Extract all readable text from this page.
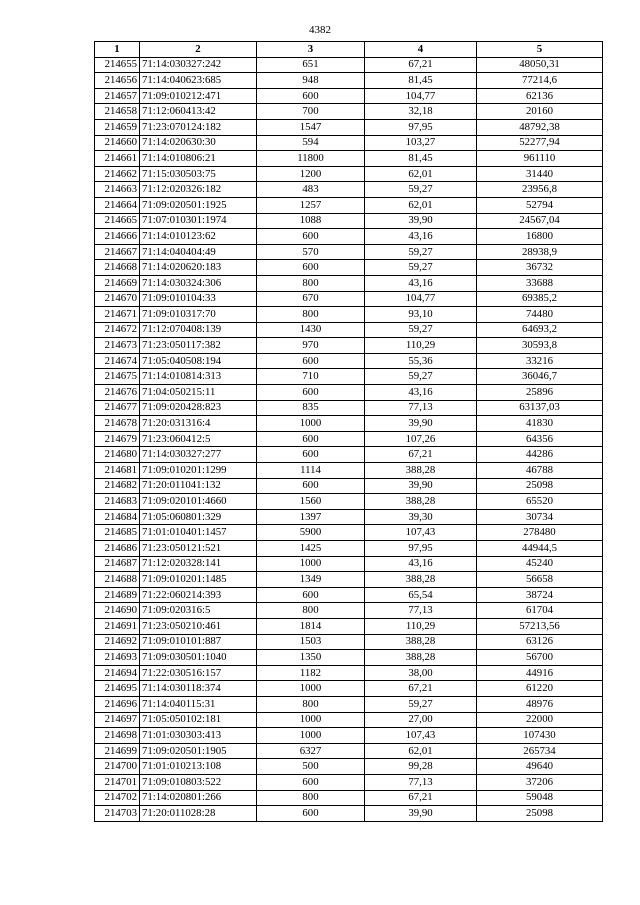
4382
1	2	3	4	5
214655	71:14:030327:242	651	67,21	48050,31
214656	71:14:040623:685	948	81,45	77214,6
214657	71:09:010212:471	600	104,77	62136
214658	71:12:060413:42	700	32,18	20160
214659	71:23:070124:182	1547	97,95	48792,38
214660	71:14:020630:30	594	103,27	52277,94
214661	71:14:010806:21	11800	81,45	961110
214662	71:15:030503:75	1200	62,01	31440
214663	71:12:020326:182	483	59,27	23956,8
214664	71:09:020501:1925	1257	62,01	52794
214665	71:07:010301:1974	1088	39,90	24567,04
214666	71:14:010123:62	600	43,16	16800
214667	71:14:040404:49	570	59,27	28938,9
214668	71:14:020620:183	600	59,27	36732
214669	71:14:030324:306	800	43,16	33688
214670	71:09:010104:33	670	104,77	69385,2
214671	71:09:010317:70	800	93,10	74480
214672	71:12:070408:139	1430	59,27	64693,2
214673	71:23:050117:382	970	110,29	30593,8
214674	71:05:040508:194	600	55,36	33216
214675	71:14:010814:313	710	59,27	36046,7
214676	71:04:050215:11	600	43,16	25896
214677	71:09:020428:823	835	77,13	63137,03
214678	71:20:031316:4	1000	39,90	41830
214679	71:23:060412:5	600	107,26	64356
214680	71:14:030327:277	600	67,21	44286
214681	71:09:010201:1299	1114	388,28	46788
214682	71:20:011041:132	600	39,90	25098
214683	71:09:020101:4660	1560	388,28	65520
214684	71:05:060801:329	1397	39,30	30734
214685	71:01:010401:1457	5900	107,43	278480
214686	71:23:050121:521	1425	97,95	44944,5
214687	71:12:020328:141	1000	43,16	45240
214688	71:09:010201:1485	1349	388,28	56658
214689	71:22:060214:393	600	65,54	38724
214690	71:09:020316:5	800	77,13	61704
214691	71:23:050210:461	1814	110,29	57213,56
214692	71:09:010101:887	1503	388,28	63126
214693	71:09:030501:1040	1350	388,28	56700
214694	71:22:030516:157	1182	38,00	44916
214695	71:14:030118:374	1000	67,21	61220
214696	71:14:040115:31	800	59,27	48976
214697	71:05:050102:181	1000	27,00	22000
214698	71:01:030303:413	1000	107,43	107430
214699	71:09:020501:1905	6327	62,01	265734
214700	71:01:010213:108	500	99,28	49640
214701	71:09:010803:522	600	77,13	37206
214702	71:14:020801:266	800	67,21	59048
214703	71:20:011028:28	600	39,90	25098
